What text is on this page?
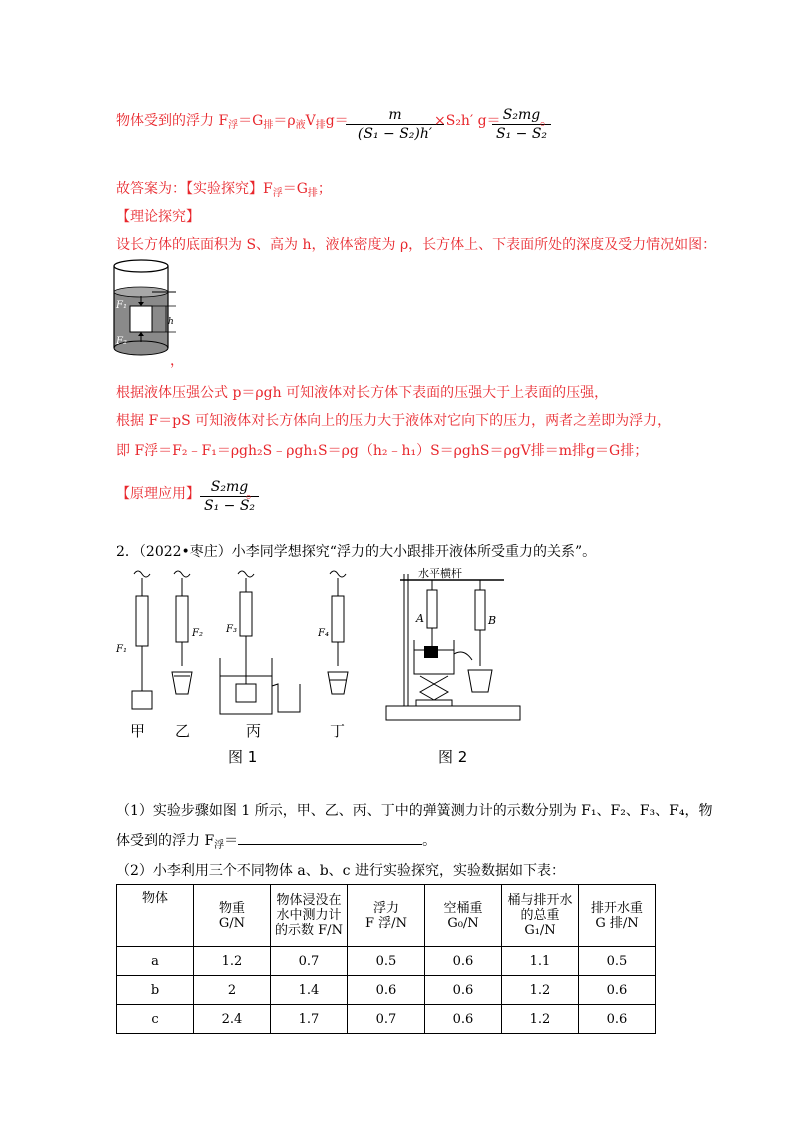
物体受到的浮力 $F_浮=G_排=\rho_液V_排g=$
$\frac{m}{\text{(S₁ − S₂)h′}}$
×S₂h′ g＝
$\frac{\text{S₂mg}}{\text{S₁ − S₂}}$
。
故答案为：【实验探究】$F_浮=G_排$；
【理论探究】
设长方体的底面积为 S、高为 h，液体密度为 ρ，长方体上、下表面所处的深度及受力情况如图：
F₁
F₂
h
，
根据液体压强公式 p＝ρgh 可知液体对长方体下表面的压强大于上表面的压强，
根据 F＝pS 可知液体对长方体向上的压力大于液体对它向下的压力，两者之差即为浮力，
即 F浮＝F₂﹣F₁＝ρgh₂S﹣ρgh₁S＝ρg（h₂﹣h₁）S＝ρghS＝ρgV排＝m排g＝G排；
【原理应用】 $\frac{\text{S₂mg}}{\text{S₁ − S₂}}$
。
2．（2022•枣庄）小李同学想探究“浮力的大小跟排开液体所受重力的关系”。
F₁
F₂ F₃	F₄
甲 乙	丙	丁
图 1
水平横杆
A	B
图 2
（1）实验步骤如图 1 所示，甲、乙、丙、丁中的弹簧测力计的示数分别为 F₁、F₂、F₃、F₄，物
体受到的浮力 $F_浮=$	。
（2）小李利用三个不同物体 a、b、c 进行实验探究，实验数据如下表：
物体	物重
G/N	物体浸没在
水中测力计
的示数 F/N	浮力
F 浮/N	空桶重
G₀/N	桶与排开水
的总重
G₁/N	排开水重
G 排/N
a	1.2	0.7	0.5	0.6	1.1	0.5
b	2	1.4	0.6	0.6	1.2	0.6
c	2.4	1.7	0.7	0.6	1.2	0.6
